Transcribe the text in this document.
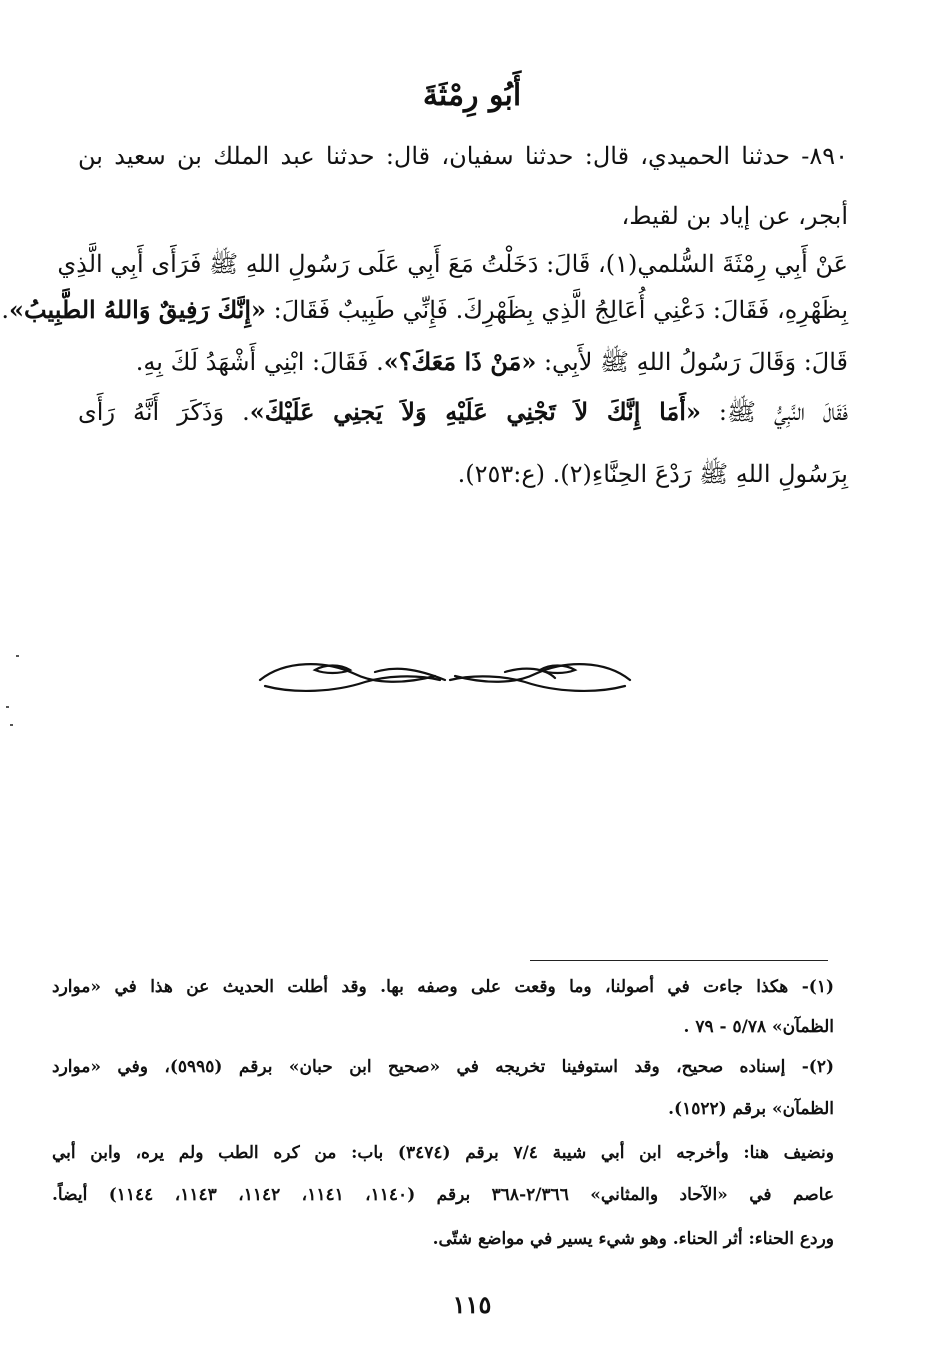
أَبُو رِمْثَةَ
٨٩٠- حدثنا الحميدي، قال: حدثنا سفيان، قال: حدثنا عبد الملك بن سعيد بن
أبجر، عن إياد بن لقيط،
عَنْ أَبِي رِمْثَةَ السُّلمي(١)، قَالَ: دَخَلْتُ مَعَ أَبِي عَلَى رَسُولِ اللهِ ﷺ فَرَأَى أَبِي الَّذِي
بِظَهْرِهِ، فَقَالَ: دَعْنِي أُعَالِجُ الَّذِي بِظَهْرِكَ. فَإِنِّي طَبِيبٌ فَقَالَ: «إِنَّكَ رَفِيقٌ وَاللهُ الطَّبِيبُ».
قَالَ: وَقَالَ رَسُولُ اللهِ ﷺ لأَبِي: «مَنْ ذَا مَعَكَ؟». فَقَالَ: ابْنِي أَشْهَدُ لَكَ بِهِ.
فَقَالَ النَّبِيُّ ﷺ: «أَمَا إِنَّكَ لاَ تَجْنِي عَلَيْهِ وَلاَ يَجنِي عَلَيْكَ». وَذَكَرَ أَنَّهُ رَأَى
بِرَسُولِ اللهِ ﷺ رَدْعَ الحِنَّاءِ(٢). (ع:٢٥٣).
(١)- هكذا جاءت في أصولنا، وما وقعت على وصفه بها. وقد أطلت الحديث عن هذا في «موارد
الظمآن» ٥/٧٨ - ٧٩ .
(٢)- إسناده صحيح، وقد استوفينا تخريجه في «صحيح ابن حبان» برقم (٥٩٩٥)، وفي «موارد
الظمآن» برقم (١٥٢٢).
ونضيف هنا: وأخرجه ابن أبي شيبة ٧/٤ برقم (٣٤٧٤) باب: من كره الطب ولم يره، وابن أبي
عاصم في «الآحاد والمثاني» ٢/٣٦٦-٣٦٨ برقم (١١٤٠، ١١٤١، ١١٤٢، ١١٤٣، ١١٤٤) أيضاً.
وردع الحناء: أثر الحناء. وهو شيء يسير في مواضع شتّى.
١١٥
